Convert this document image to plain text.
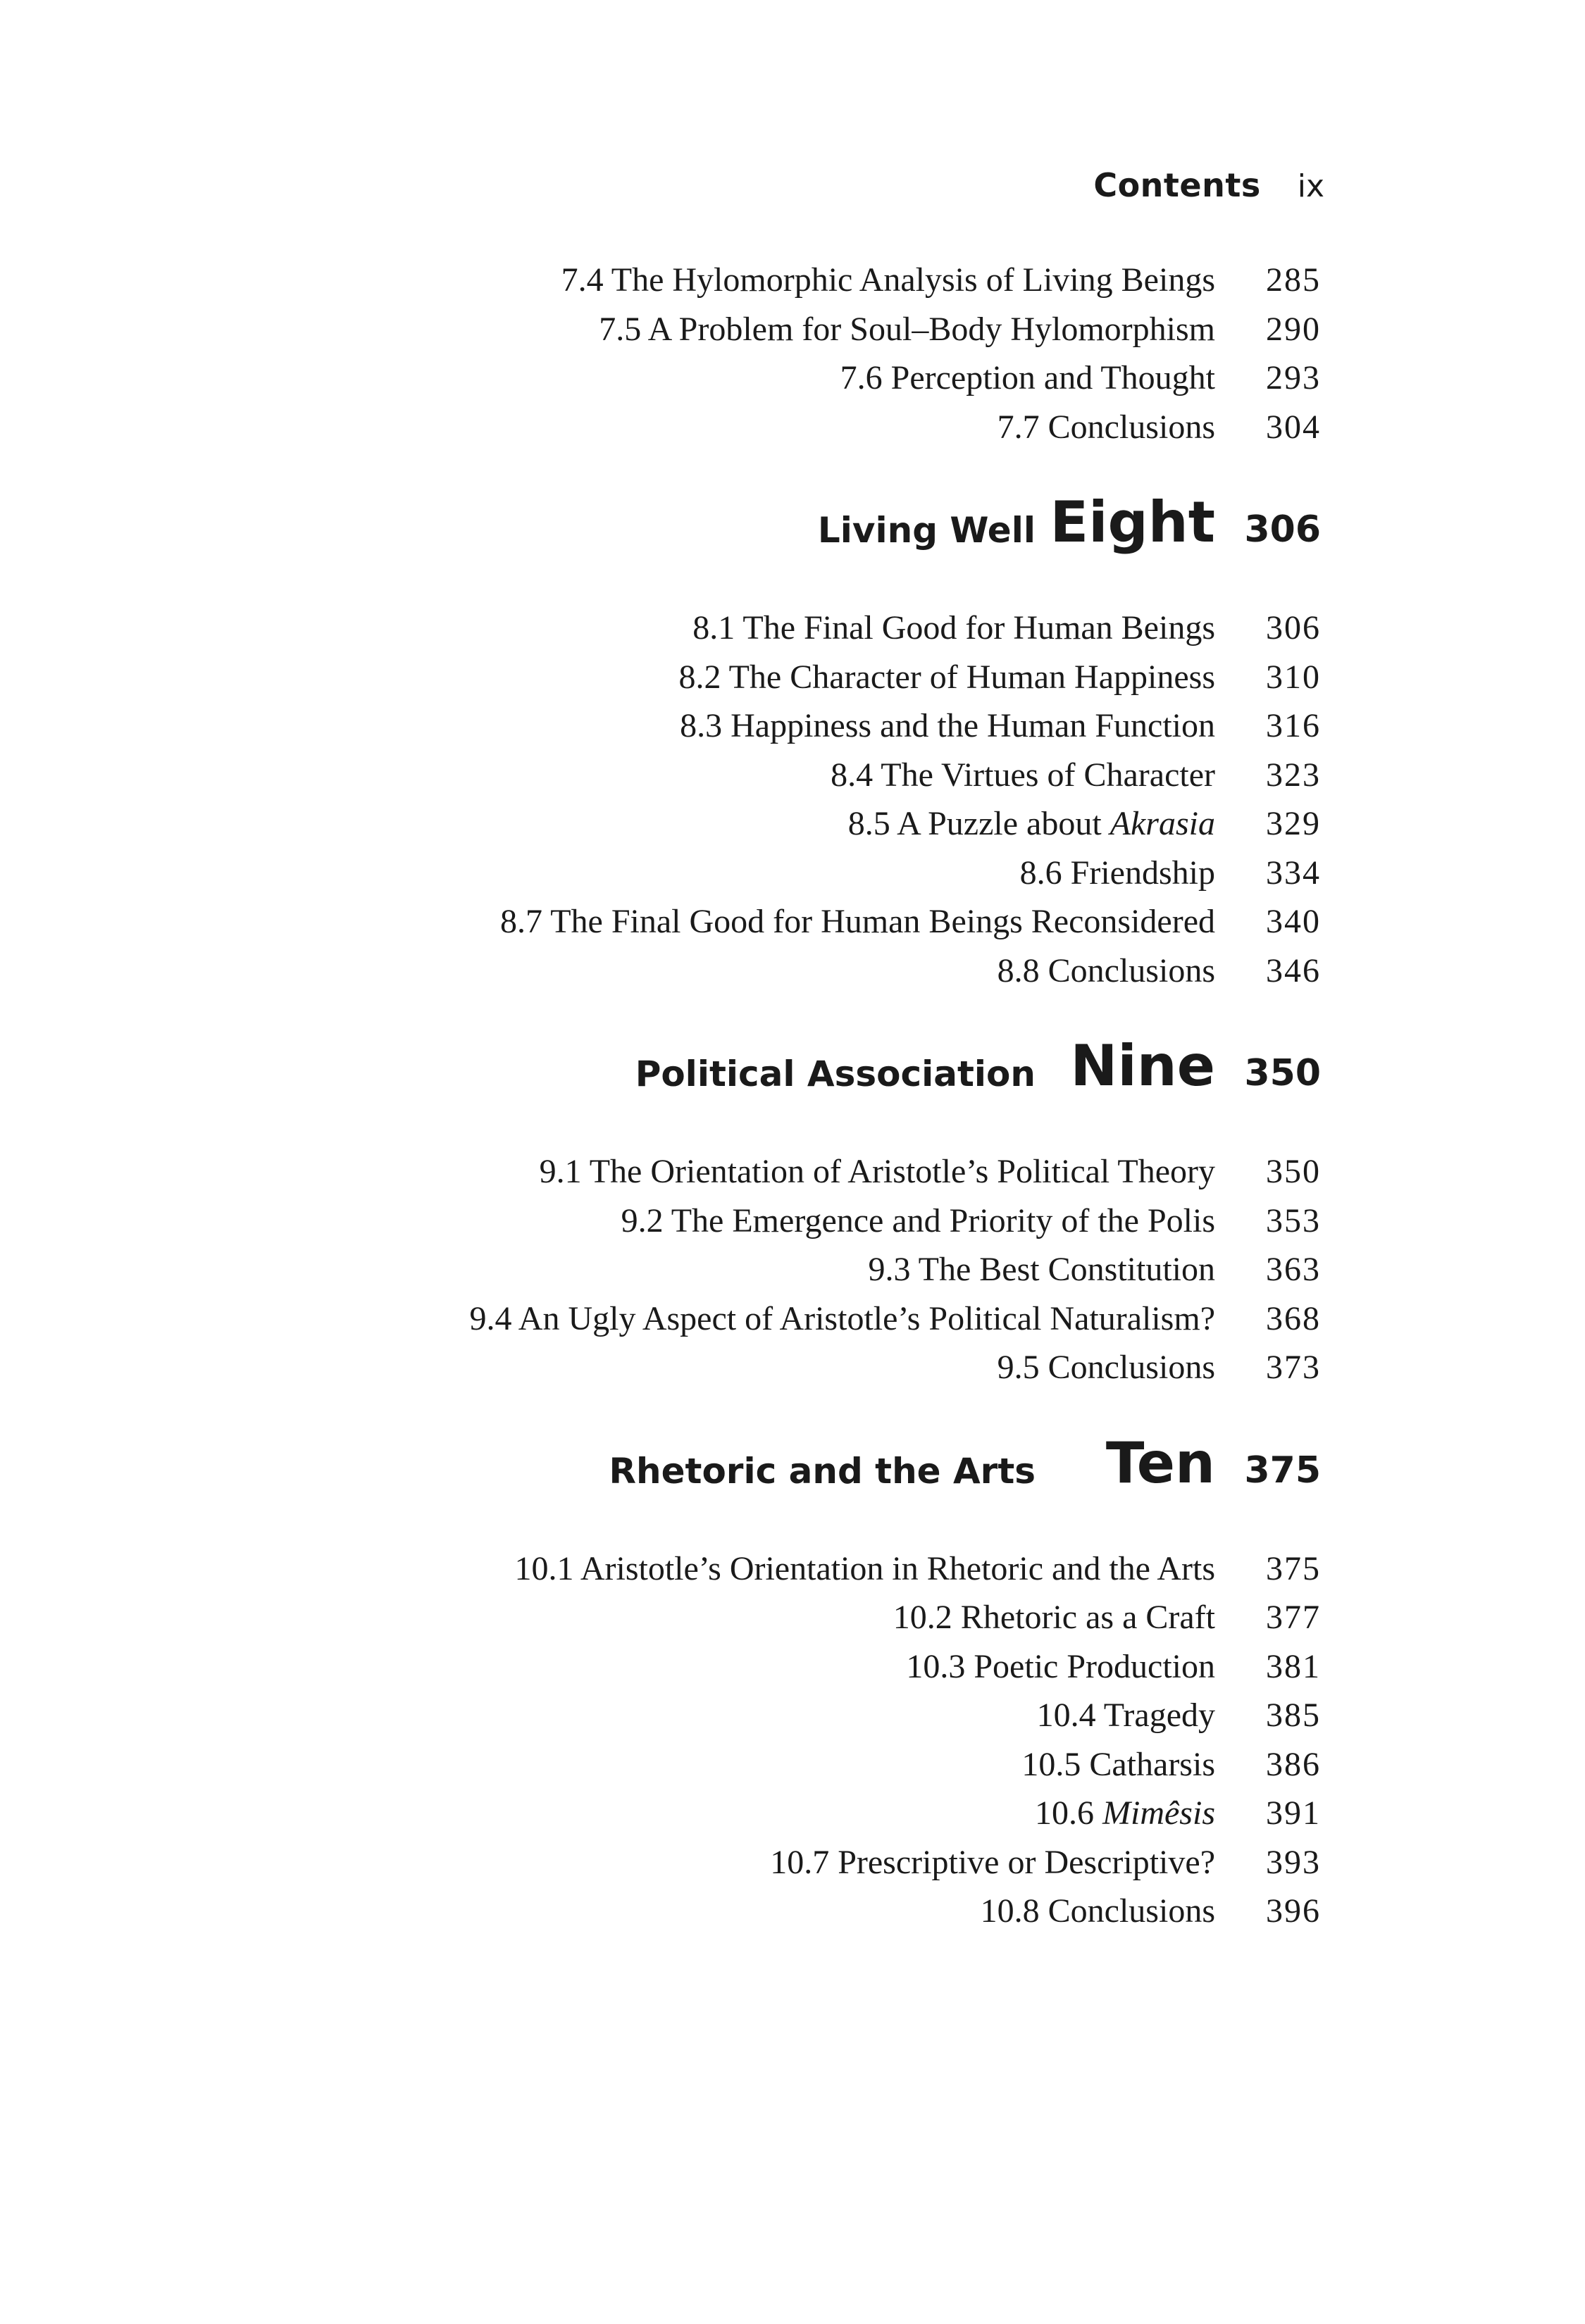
Contents ix
7.4 The Hylomorphic Analysis of Living Beings 285
7.5 A Problem for Soul–Body Hylomorphism 290
7.6 Perception and Thought 293
7.7 Conclusions 304
Living Well Eight 306
8.1 The Final Good for Human Beings 306
8.2 The Character of Human Happiness 310
8.3 Happiness and the Human Function 316
8.4 The Virtues of Character 323
8.5 A Puzzle about Akrasia 329
8.6 Friendship 334
8.7 The Final Good for Human Beings Reconsidered 340
8.8 Conclusions 346
Political Association Nine 350
9.1 The Orientation of Aristotle’s Political Theory 350
9.2 The Emergence and Priority of the Polis 353
9.3 The Best Constitution 363
9.4 An Ugly Aspect of Aristotle’s Political Naturalism? 368
9.5 Conclusions 373
Rhetoric and the Arts Ten 375
10.1 Aristotle’s Orientation in Rhetoric and the Arts 375
10.2 Rhetoric as a Craft 377
10.3 Poetic Production 381
10.4 Tragedy 385
10.5 Catharsis 386
10.6 Mimêsis 391
10.7 Prescriptive or Descriptive? 393
10.8 Conclusions 396
